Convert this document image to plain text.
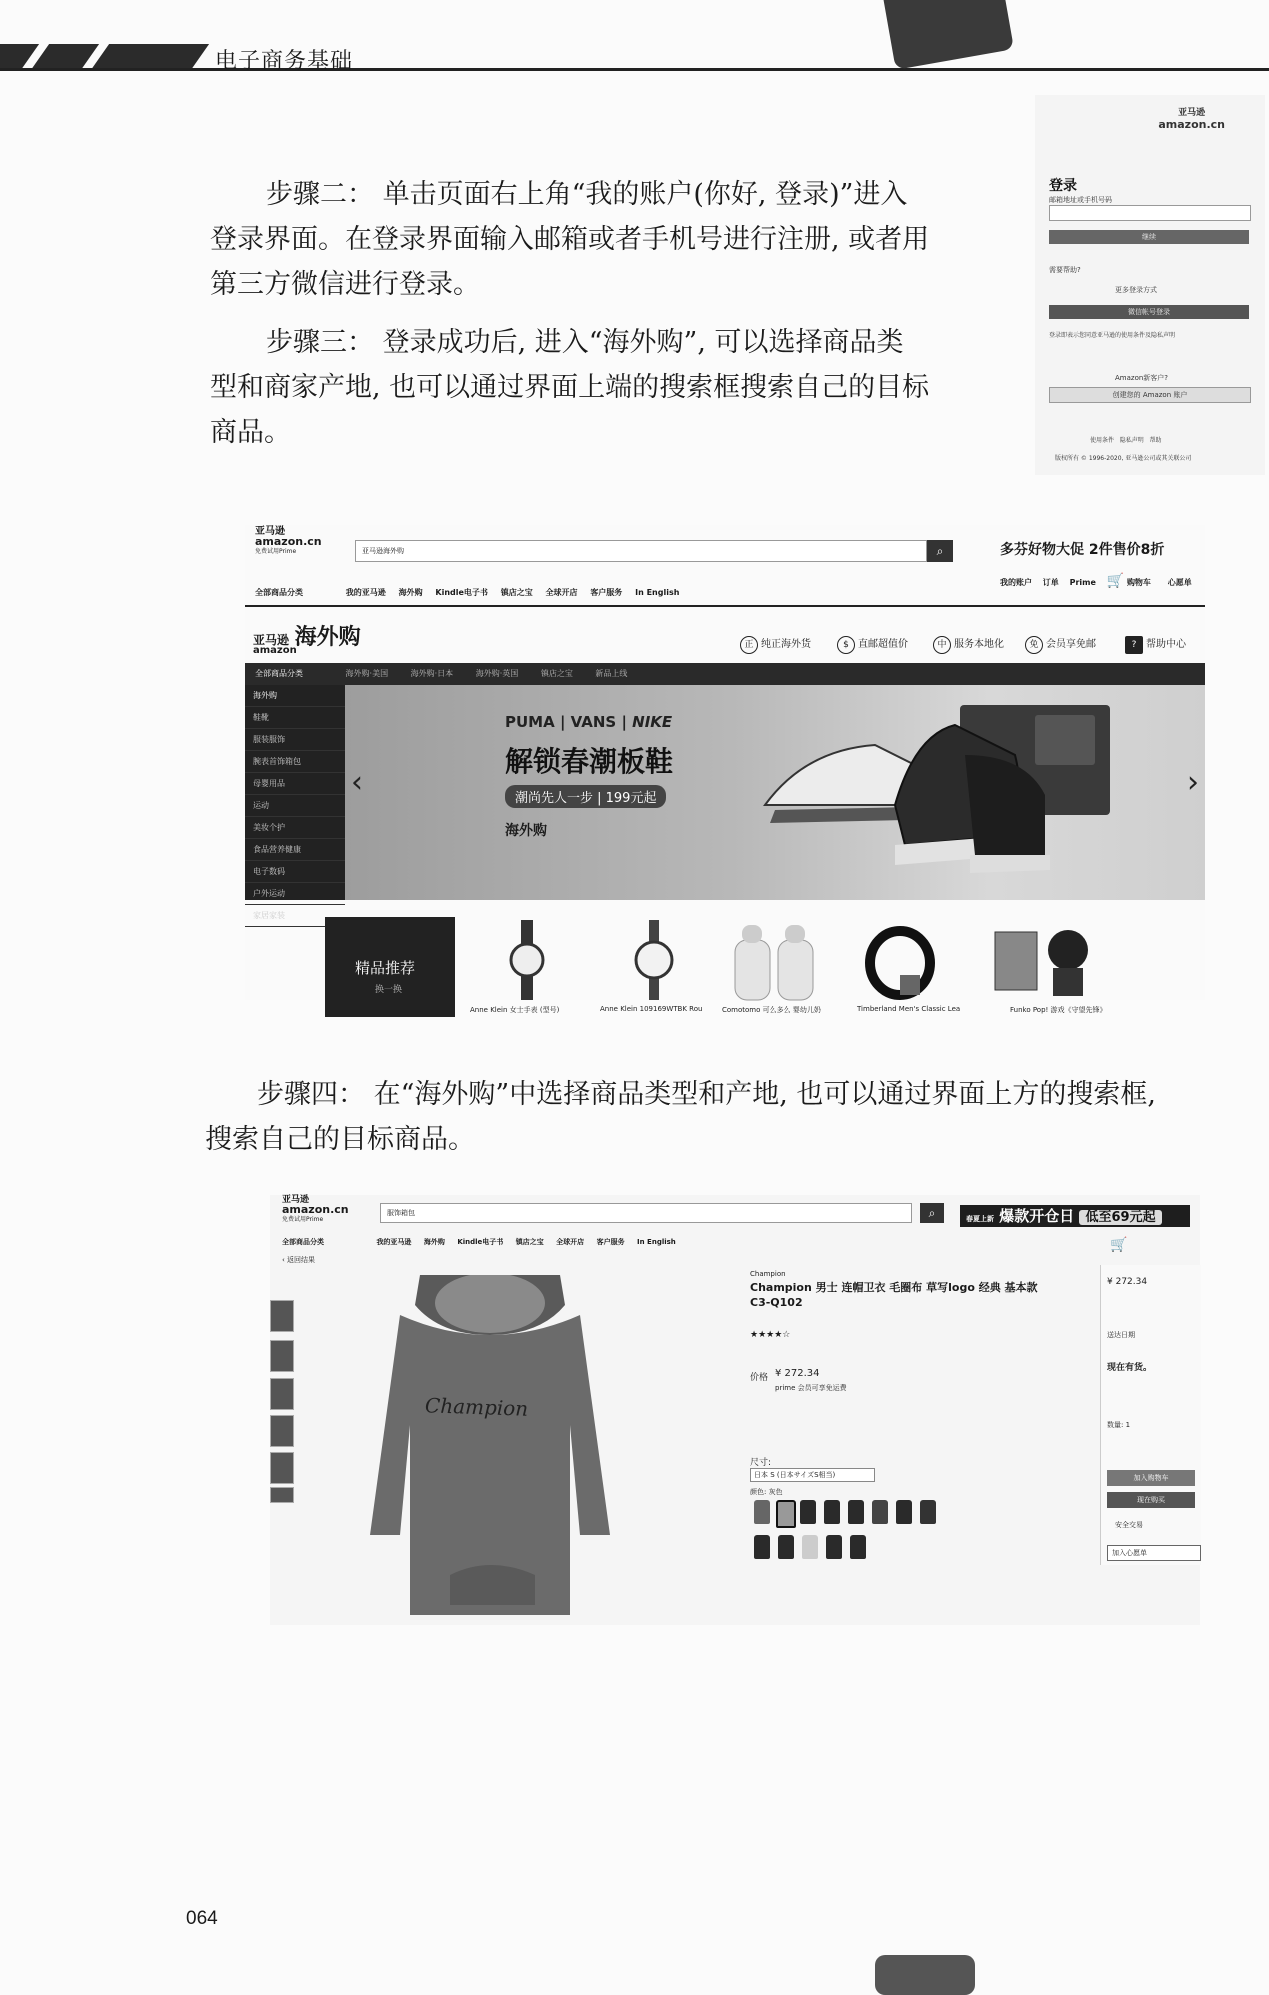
电子商务基础

步骤二： 单击页面右上角“我的账户(你好, 登录)”进入

登录界面。在登录界面输入邮箱或者手机号进行注册, 或者用

第三方微信进行登录。

步骤三： 登录成功后, 进入“海外购”, 可以选择商品类

型和商家产地, 也可以通过界面上端的搜索框搜索自己的目标

商品。

亚马逊
amazon.cn
登录
邮箱地址或手机号码
继续
需要帮助?
更多登录方式
微信帐号登录
登录即表示您同意亚马逊的使用条件及隐私声明
Amazon新客户?
创建您的 Amazon 账户
使用条件 隐私声明 帮助
版权所有 © 1996-2020, 亚马逊公司或其关联公司
亚马逊
amazon.cn
免费试用Prime	亚马逊海外购	⌕	多芬好物大促 2件售价8折
全部商品分类	我的亚马逊 海外购 Kindle电子书 镇店之宝 全球开店 客户服务 In English
我的账户 订单 Prime 🛒 购物车 心愿单
亚马逊 海外购
amazon	正 纯正海外货	$ 直邮超值价	中 服务本地化	免 会员享免邮	? 帮助中心
全部商品分类	海外购·美国	海外购·日本	海外购·英国	镇店之宝	新品上线
海外购
鞋靴
服装服饰
腕表首饰箱包
母婴用品
运动
美妆个护
食品营养健康
电子数码
户外运动
家居家装
‹	›
PUMA | VANS | NIKE
解锁春潮板鞋
潮尚先人一步 | 199元起
海外购
精品推荐
换一换
Anne Klein 女士手表 (型号)	Anne Klein 109169WTBK Rou	Comotomo 可么多么 婴幼儿奶	Timberland Men's Classic Lea	Funko Pop! 游戏《守望先锋》

步骤四： 在“海外购”中选择商品类型和产地, 也可以通过界面上方的搜索框,

搜索自己的目标商品。

亚马逊
amazon.cn
免费试用Prime
服饰箱包	⌕	春夏上新 爆款开仓日 低至69元起
全部商品分类	我的亚马逊 海外购 Kindle电子书 镇店之宝 全球开店 客户服务 In English	🛒
‹ 返回结果
Champion
Champion
Champion 男士 连帽卫衣 毛圈布 草写logo 经典 基本款 C3-Q102
★★★★☆
价格 ¥ 272.34
prime 会员可享免运费
尺寸:
日本 S (日本サイズS相当)
颜色: 灰色
¥ 272.34
送达日期
现在有货。
数量: 1
加入购物车
现在购买
安全交易
加入心愿单
064
